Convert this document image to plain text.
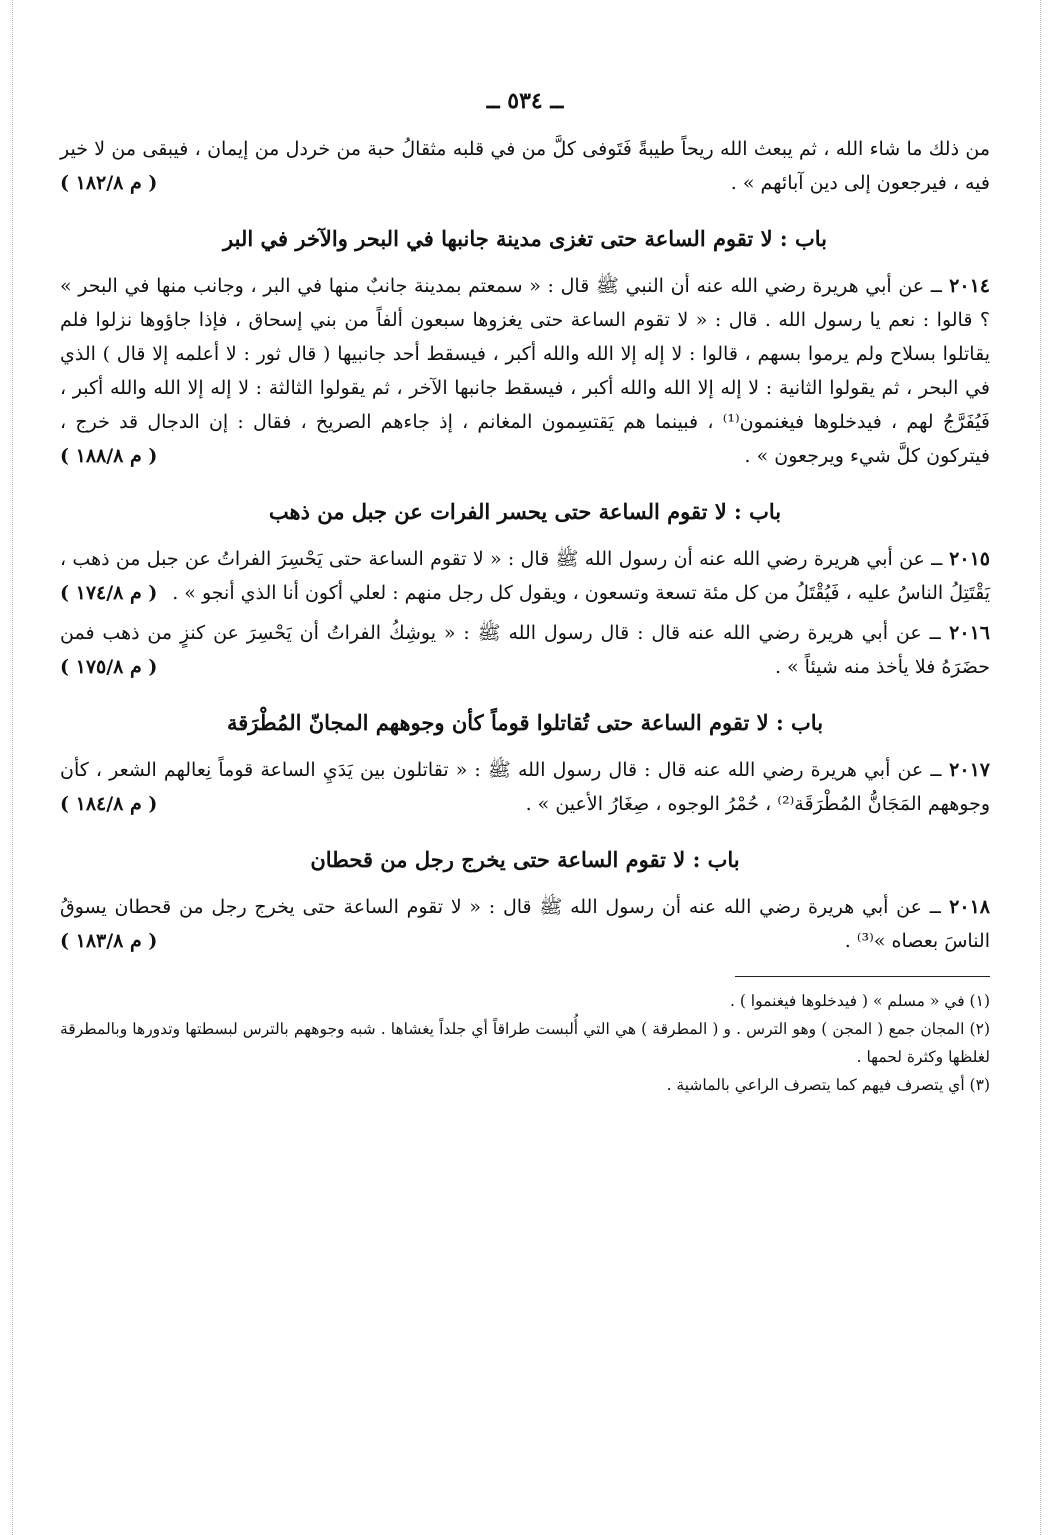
ــ ٥٣٤ ــ
من ذلك ما شاء الله ، ثم يبعث الله ريحاً طيبةً فَتَوفى كلَّ من في قلبه مثقالُ حبة من خردل من إيمان ، فيبقى من لا خير فيه ، فيرجعون إلى دين آبائهم » .
( م ١٨٢/٨ )
باب : لا تقوم الساعة حتى تغزى مدينة جانبها في البحر والآخر في البر
٢٠١٤ ــ عن أبي هريرة رضي الله عنه أن النبي ﷺ قال : « سمعتم بمدينة جانبٌ منها في البر ، وجانب منها في البحر » ؟ قالوا : نعم يا رسول الله . قال : « لا تقوم الساعة حتى يغزوها سبعون ألفاً من بني إسحاق ، فإذا جاؤوها نزلوا فلم يقاتلوا بسلاح ولم يرموا بسهم ، قالوا : لا إله إلا الله والله أكبر ، فيسقط أحد جانبيها ( قال ثور : لا أعلمه إلا قال ) الذي في البحر ، ثم يقولوا الثانية : لا إله إلا الله والله أكبر ، فيسقط جانبها الآخر ، ثم يقولوا الثالثة : لا إله إلا الله والله أكبر ، فَيُفَرَّجُ لهم ، فيدخلوها فيغنمون⁽¹⁾ ، فبينما هم يَقتسِمون المغانم ، إذ جاءهم الصريخ ، فقال : إن الدجال قد خرج ، فيتركون كلَّ شيء ويرجعون » .
( م ١٨٨/٨ )
باب : لا تقوم الساعة حتى يحسر الفرات عن جبل من ذهب
٢٠١٥ ــ عن أبي هريرة رضي الله عنه أن رسول الله ﷺ قال : « لا تقوم الساعة حتى يَحْسِرَ الفراتُ عن جبل من ذهب ، يَقْتَتِلُ الناسُ عليه ، فَيُقْتَلُ من كل مئة تسعة وتسعون ، ويقول كل رجل منهم : لعلي أكون أنا الذي أنجو » .
( م ١٧٤/٨ )
٢٠١٦ ــ عن أبي هريرة رضي الله عنه قال : قال رسول الله ﷺ : « يوشِكُ الفراتُ أن يَحْسِرَ عن كنزٍ من ذهب فمن حضَرَهُ فلا يأخذ منه شيئاً » .
( م ١٧٥/٨ )
باب : لا تقوم الساعة حتى تُقاتلوا قوماً كأن وجوههم المجانّ المُطْرَقة
٢٠١٧ ــ عن أبي هريرة رضي الله عنه قال : قال رسول الله ﷺ : « تقاتلون بين يَدَيِ الساعة قوماً نِعالهم الشعر ، كأن وجوههم المَجَانُّ المُطْرَقَة⁽²⁾ ، حُمْرُ الوجوه ، صِغَارُ الأعين » .
( م ١٨٤/٨ )
باب : لا تقوم الساعة حتى يخرج رجل من قحطان
٢٠١٨ ــ عن أبي هريرة رضي الله عنه أن رسول الله ﷺ قال : « لا تقوم الساعة حتى يخرج رجل من قحطان يسوقُ الناسَ بعصاه »⁽³⁾ .
( م ١٨٣/٨ )
(١) في « مسلم » ( فيدخلوها فيغنموا ) .
(٢) المجان جمع ( المجن ) وهو الترس . و ( المطرقة ) هي التي أُلبست طراقاً أي جلداً يغشاها . شبه وجوههم بالترس لبسطتها وتدورها وبالمطرقة لغلظها وكثرة لحمها .
(٣) أي يتصرف فيهم كما يتصرف الراعي بالماشية .
